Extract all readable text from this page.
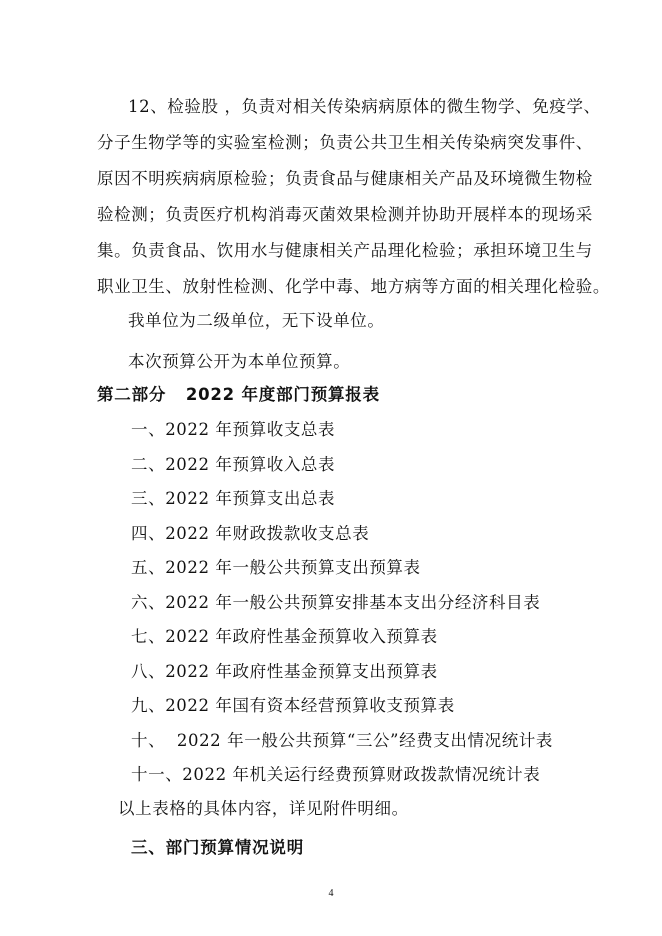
12、检验股 ，负责对相关传染病病原体的微生物学、免疫学、
分子生物学等的实验室检测；负责公共卫生相关传染病突发事件、
原因不明疾病病原检验；负责食品与健康相关产品及环境微生物检
验检测；负责医疗机构消毒灭菌效果检测并协助开展样本的现场采
集。负责食品、饮用水与健康相关产品理化检验；承担环境卫生与
职业卫生、放射性检测、化学中毒、地方病等方面的相关理化检验。
我单位为二级单位，无下设单位。
本次预算公开为本单位预算。
第二部分   2022 年度部门预算报表
一、2022 年预算收支总表
二、2022 年预算收入总表
三、2022 年预算支出总表
四、2022 年财政拨款收支总表
五、2022 年一般公共预算支出预算表
六、2022 年一般公共预算安排基本支出分经济科目表
七、2022 年政府性基金预算收入预算表
八、2022 年政府性基金预算支出预算表
九、2022 年国有资本经营预算收支预算表
十、  2022 年一般公共预算“三公”经费支出情况统计表
十一、2022 年机关运行经费预算财政拨款情况统计表
以上表格的具体内容，详见附件明细。
三、部门预算情况说明
4
